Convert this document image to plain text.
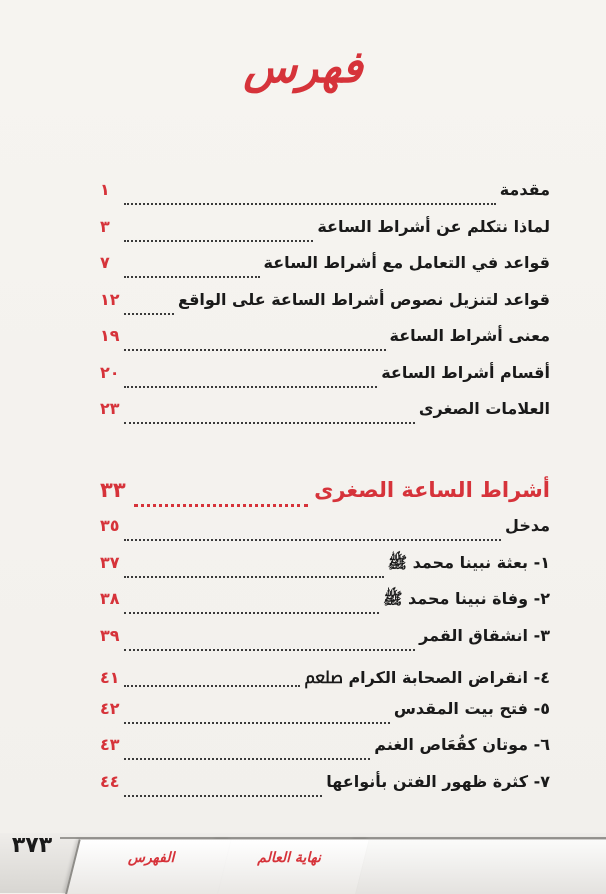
فهرس
مقدمة
١
لماذا نتكلم عن أشراط الساعة
٣
قواعد في التعامل مع أشراط الساعة
٧
قواعد لتنزيل نصوص أشراط الساعة على الواقع
١٢
معنى أشراط الساعة
١٩
أقسام أشراط الساعة
٢٠
العلامات الصغرى
٢٣
أشراط الساعة الصغرى
٣٣
مدخل
٣٥
١- بعثة نبينا محمد ﷺ
٣٧
٢- وفاة نبينا محمد ﷺ
٣٨
٣- انشقاق القمر
٣٩
٤- انقراض الصحابة الكرام ﷵ
٤١
٥- فتح بيت المقدس
٤٢
٦- موتان كقُعَاص الغنم
٤٣
٧- كثرة ظهور الفتن بأنواعها
٤٤
نهاية العالم
الفهرس
٣٧٣
